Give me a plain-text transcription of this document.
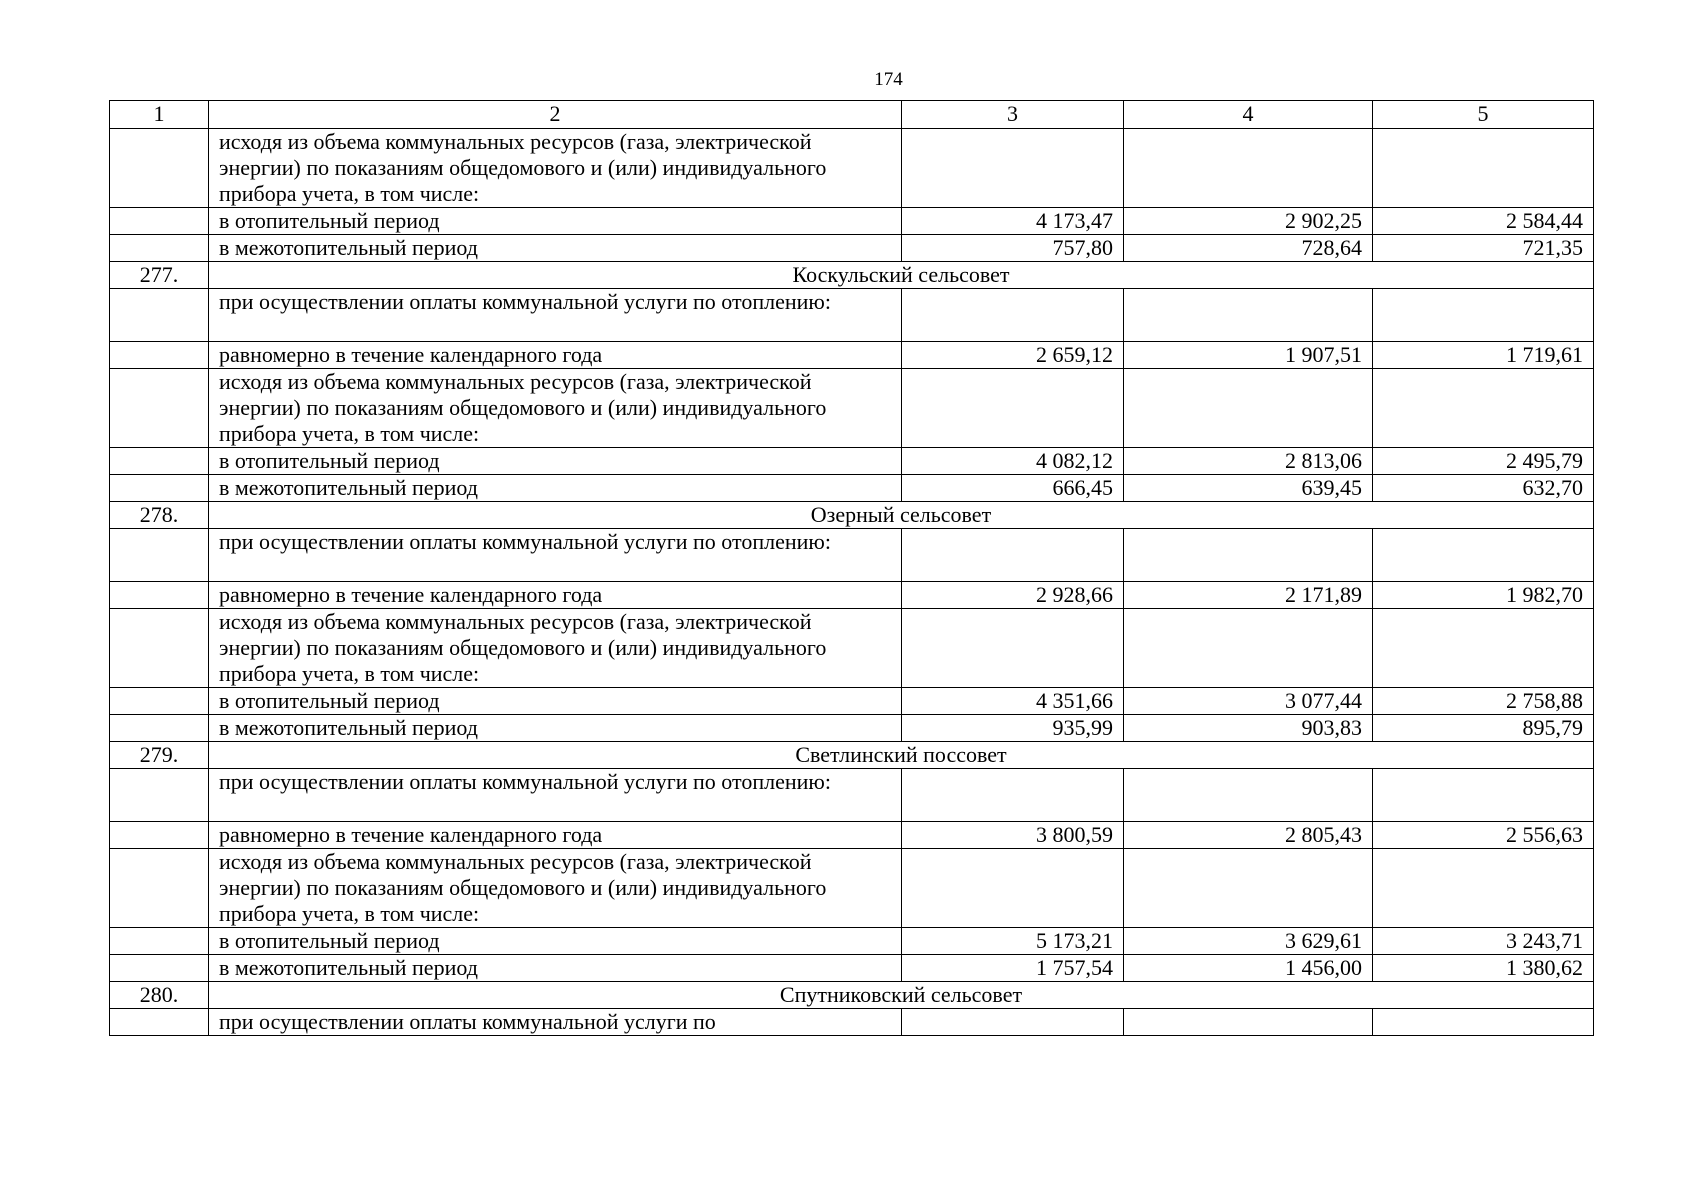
174
1	2	3	4	5
	исходя из объема коммунальных ресурсов (газа, электрической энергии) по показаниям общедомового и (или) индивидуального прибора учета, в том числе:			
	в отопительный период	4 173,47	2 902,25	2 584,44
	в межотопительный период	757,80	728,64	721,35
277.	Коскульский сельсовет			
	при осуществлении оплаты коммунальной услуги по отоплению:			
	равномерно в течение календарного года	2 659,12	1 907,51	1 719,61
	исходя из объема коммунальных ресурсов (газа, электрической энергии) по показаниям общедомового и (или) индивидуального прибора учета, в том числе:			
	в отопительный период	4 082,12	2 813,06	2 495,79
	в межотопительный период	666,45	639,45	632,70
278.	Озерный сельсовет			
	при осуществлении оплаты коммунальной услуги по отоплению:			
	равномерно в течение календарного года	2 928,66	2 171,89	1 982,70
	исходя из объема коммунальных ресурсов (газа, электрической энергии) по показаниям общедомового и (или) индивидуального прибора учета, в том числе:			
	в отопительный период	4 351,66	3 077,44	2 758,88
	в межотопительный период	935,99	903,83	895,79
279.	Светлинский поссовет			
	при осуществлении оплаты коммунальной услуги по отоплению:			
	равномерно в течение календарного года	3 800,59	2 805,43	2 556,63
	исходя из объема коммунальных ресурсов (газа, электрической энергии) по показаниям общедомового и (или) индивидуального прибора учета, в том числе:			
	в отопительный период	5 173,21	3 629,61	3 243,71
	в межотопительный период	1 757,54	1 456,00	1 380,62
280.	Спутниковский сельсовет			
	при осуществлении оплаты коммунальной услуги по			
